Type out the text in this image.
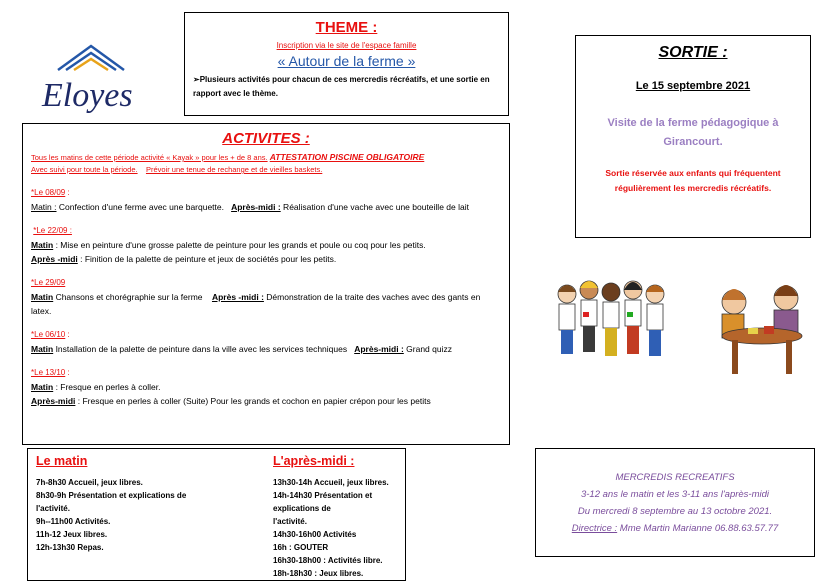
Eloyes
THEME :
Inscription via le site de l'espace famille
« Autour de la ferme »
➢Plusieurs activités pour chacun de ces mercredis récréatifs, et une sortie en rapport avec le thème.
ACTIVITES :
Tous les matins de cette période activité « Kayak » pour les + de 8 ans. ATTESTATION PISCINE OBLIGATOIRE
Avec suivi pour toute la période. Prévoir une tenue de rechange et de vieilles baskets.
*Le 08/09 :
Matin : Confection d'une ferme avec une barquette. Après-midi : Réalisation d'une vache avec une bouteille de lait
*Le 22/09 :
Matin : Mise en peinture d'une grosse palette de peinture pour les grands et poule ou coq pour les petits.
Après -midi : Finition de la palette de peinture et jeux de sociétés pour les petits.
*Le 29/09
Matin Chansons et chorégraphie sur la ferme Après -midi : Démonstration de la traite des vaches avec des gants en latex.
*Le 06/10 :
Matin Installation de la palette de peinture dans la ville avec les services techniques Après-midi : Grand quizz
*Le 13/10 :
Matin : Fresque en perles à coller.
Après-midi : Fresque en perles à coller (Suite) Pour les grands et cochon en papier crépon pour les petits
SORTIE :
Le 15 septembre 2021
Visite de la ferme pédagogique à Girancourt.
Sortie réservée aux enfants qui fréquentent régulièrement les mercredis récréatifs.
Le matin
7h-8h30 Accueil, jeux libres.
8h30-9h Présentation et explications de
l'activité.
9h--11h00 Activités.
11h-12 Jeux libres.
12h-13h30 Repas.
L'après-midi :
13h30-14h Accueil, jeux libres.
14h-14h30 Présentation et explications de
l'activité.
14h30-16h00 Activités
16h : GOUTER
16h30-18h00 : Activités libre.
18h-18h30 : Jeux libres.
MERCREDIS RECREATIFS
3-12 ans le matin et les 3-11 ans l'après-midi
Du mercredi 8 septembre au 13 octobre 2021.
Directrice : Mme Martin Marianne 06.88.63.57.77
